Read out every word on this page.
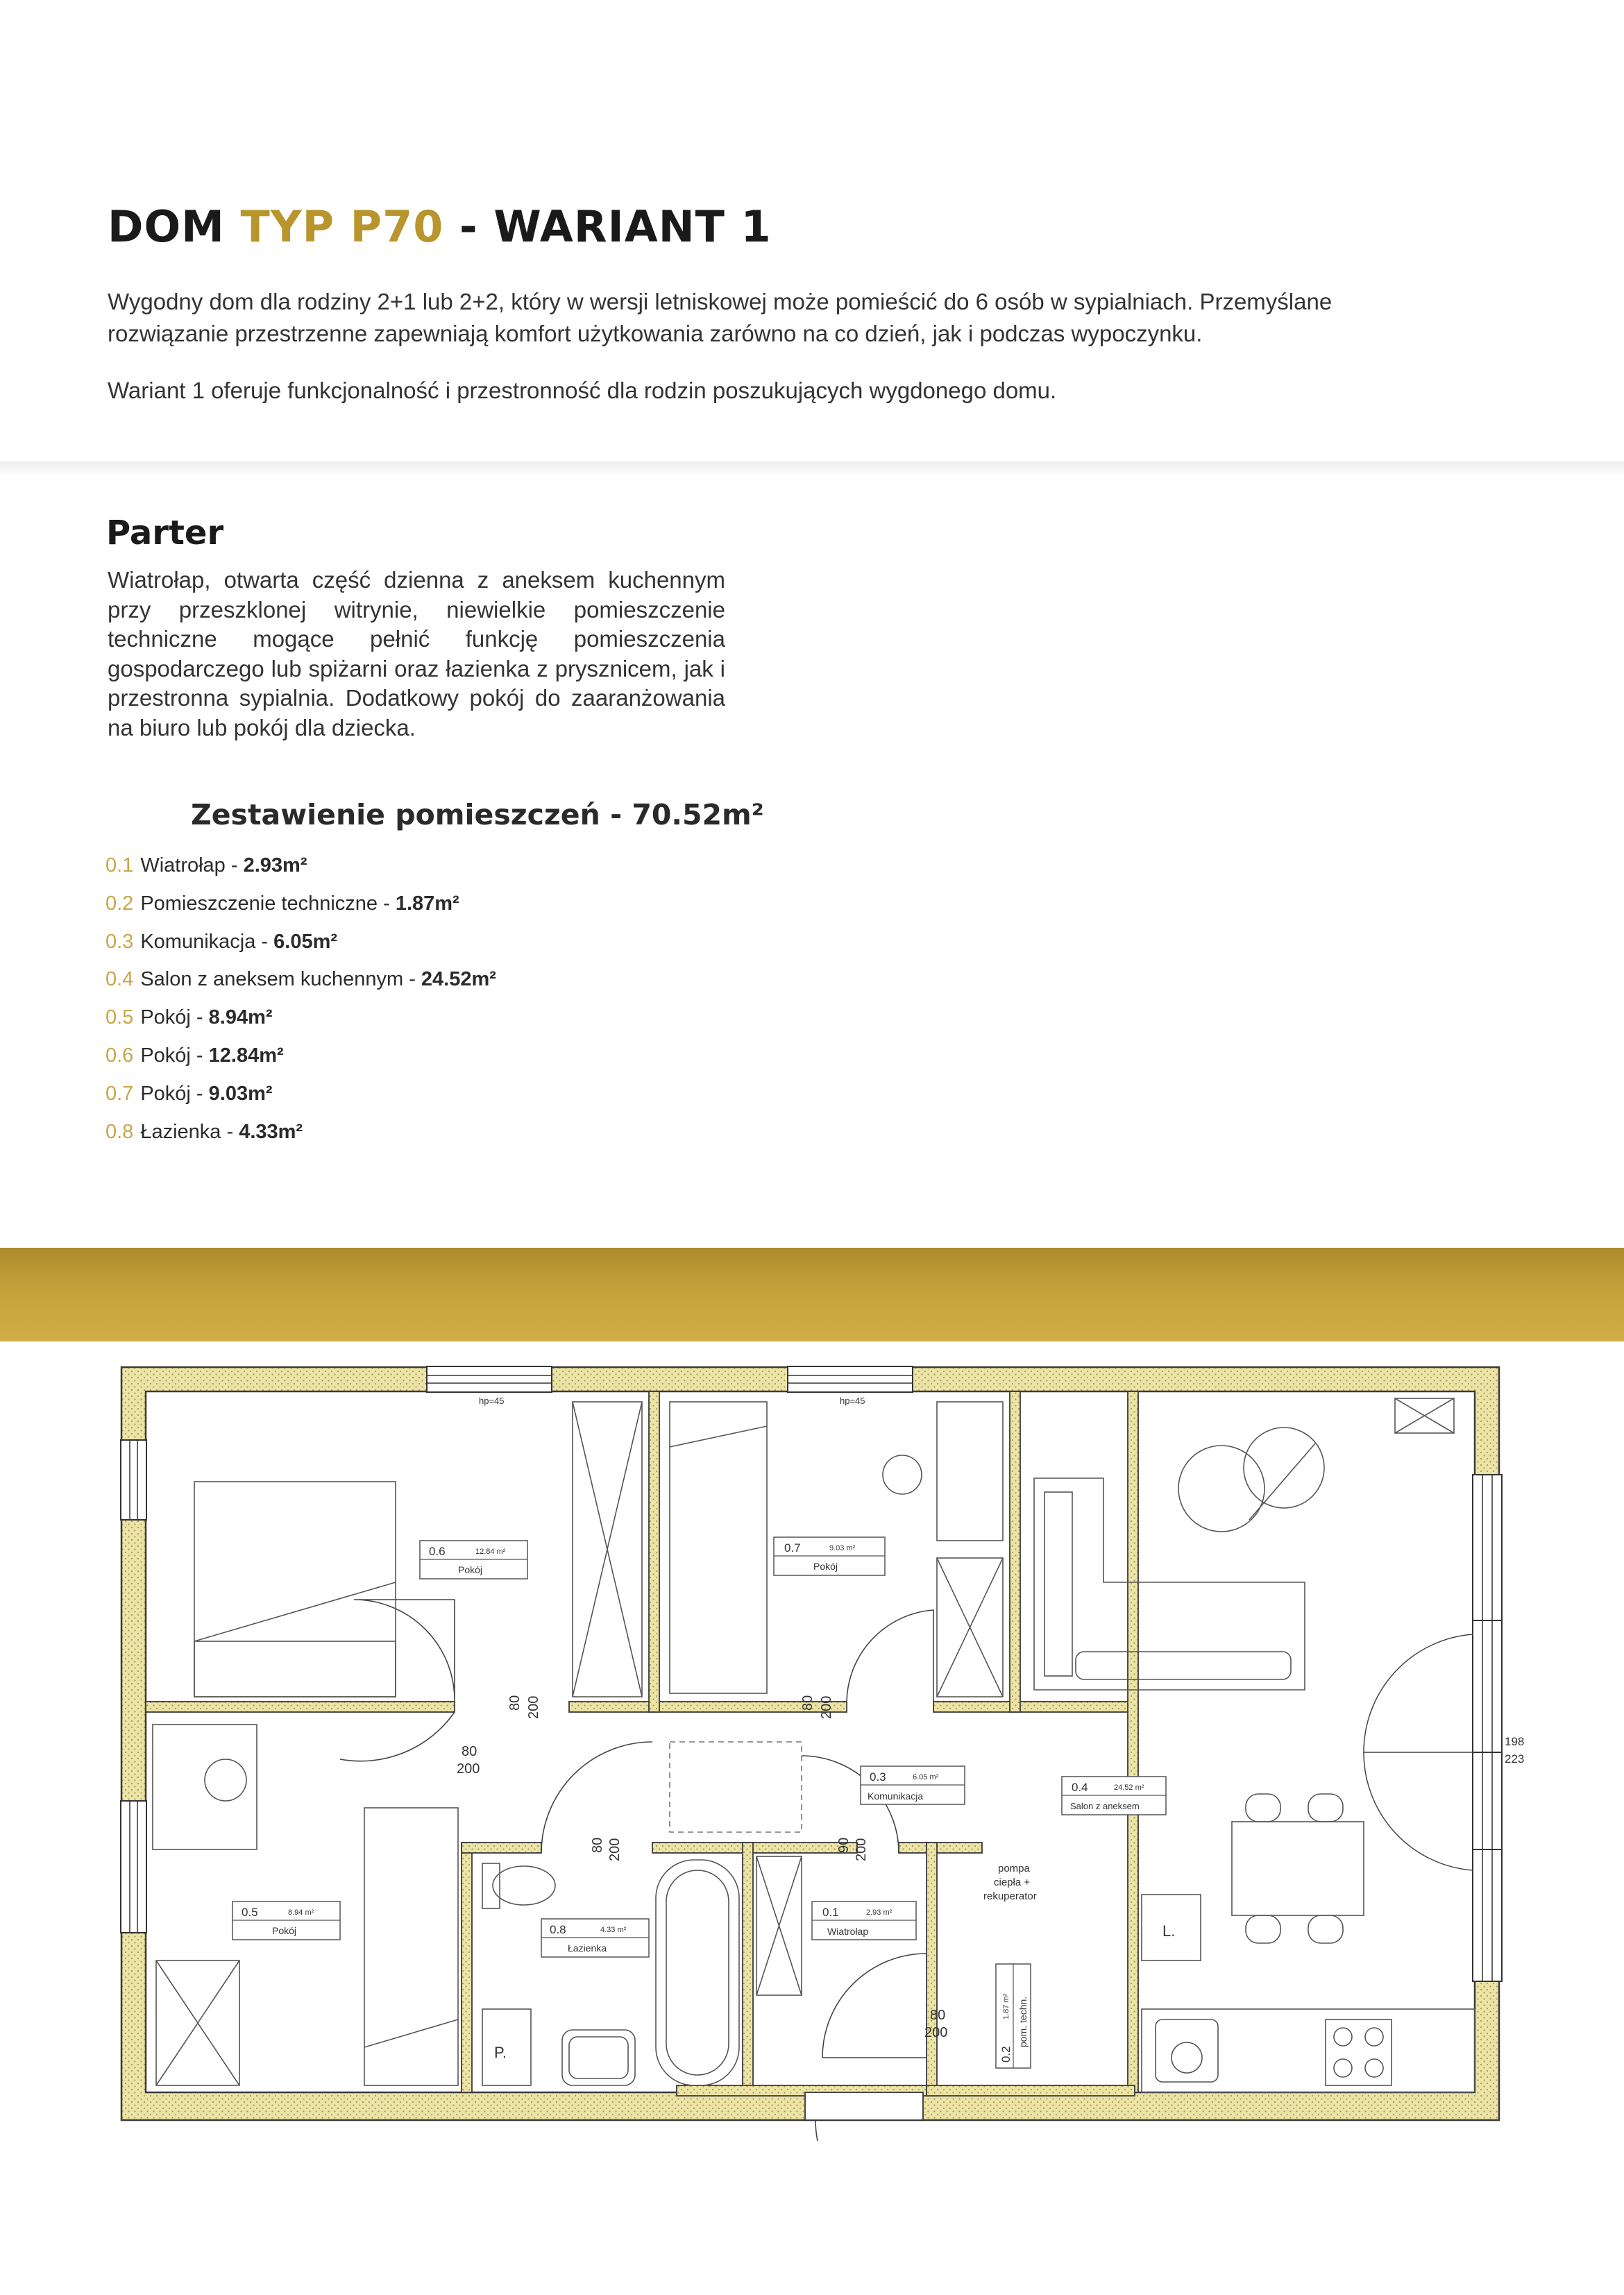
DOM TYP P70 - WARIANT 1

Wygodny dom dla rodziny 2+1 lub 2+2, który w wersji letniskowej może pomieścić do 6 osób w sypialniach. Przemyślane rozwiązanie przestrzenne zapewniają komfort użytkowania zarówno na co dzień, jak i podczas wypoczynku.

Wariant 1 oferuje funkcjonalność i przestronność dla rodzin poszukujących wygdonego domu.

Parter

Wiatrołap, otwarta część dzienna z aneksem kuchennym przy przeszklonej witrynie, niewielkie pomieszczenie techniczne mogące pełnić funkcję pomieszczenia gospodarczego lub spiżarni oraz łazienka z prysznicem, jak i przestronna sypialnia. Dodatkowy pokój do zaaranżowania na biuro lub pokój dla dziecka.

Zestawienie pomieszczeń - 70.52m²
0.1 Wiatrołap - 2.93m²
0.2 Pomieszczenie techniczne - 1.87m²
0.3 Komunikacja - 6.05m²
0.4 Salon z aneksem kuchennym - 24.52m²
0.5 Pokój - 8.94m²
0.6 Pokój - 12.84m²
0.7 Pokój - 9.03m²
0.8 Łazienka - 4.33m²
hp=45	hp=45
198
223
0.6	12.84 m²
Pokój
0.7	9.03 m²
Pokój
0.4	24.52 m²
Salon z aneksem
L.
0.3	6.05 m²
Komunikacja
0.5	8.94 m²
Pokój
P.
0.8	4.33 m²
Łazienka
0.1	2.93 m²
Wiatrołap
pompa
ciepła +
rekuperator
0.2
1.87 m² pom. techn.
80 200	80 200
80
200
80 200	90 200
80
200
